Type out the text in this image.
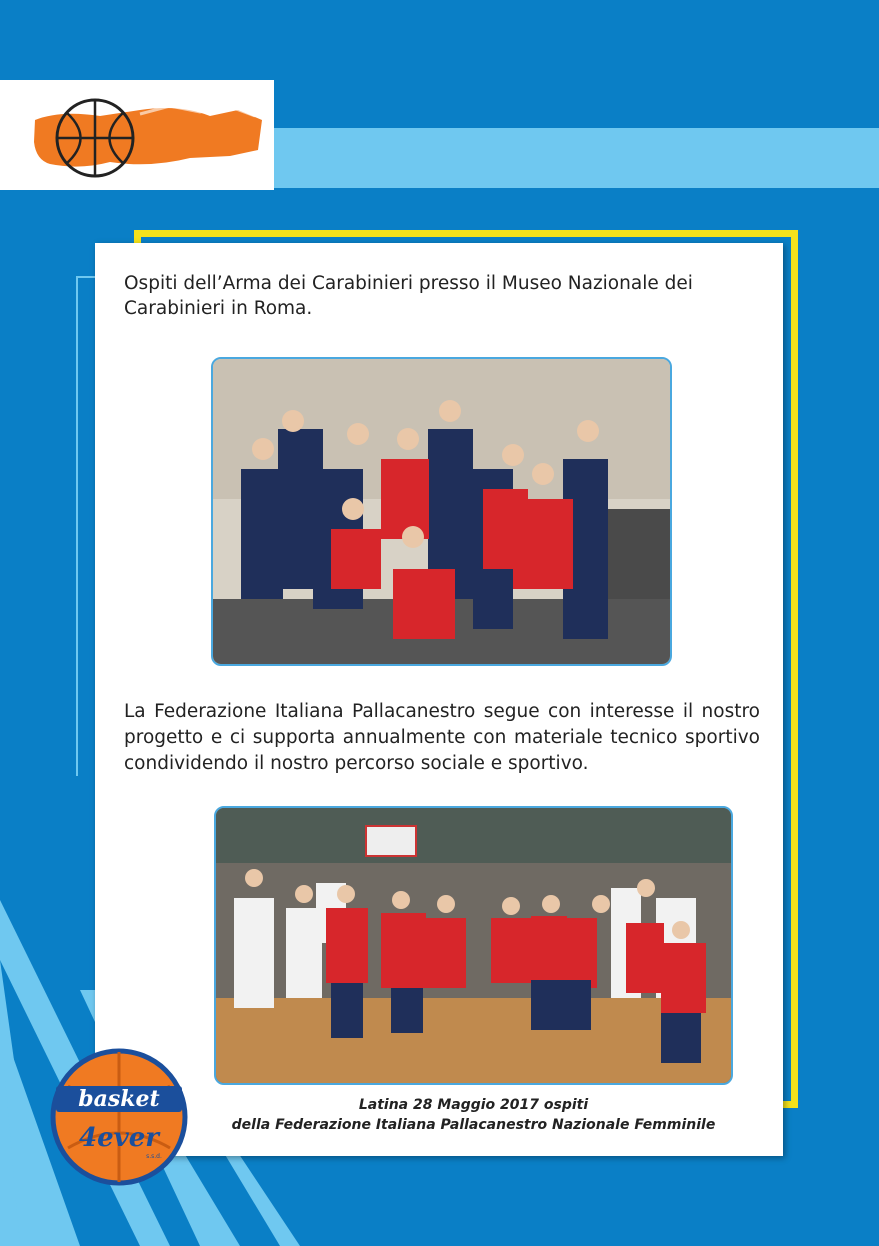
Ospiti dell’Arma dei Carabinieri presso il Museo Nazionale dei Carabinieri in Roma.
La Federazione Italiana Pallacanestro segue con interesse il nostro progetto e ci supporta annualmente con materiale tecnico sportivo condividendo il nostro percorso sociale e sportivo.
Latina 28 Maggio 2017 ospiti
della Federazione Italiana Pallacanestro Nazionale Femminile
basket
4ever
s.s.d.
